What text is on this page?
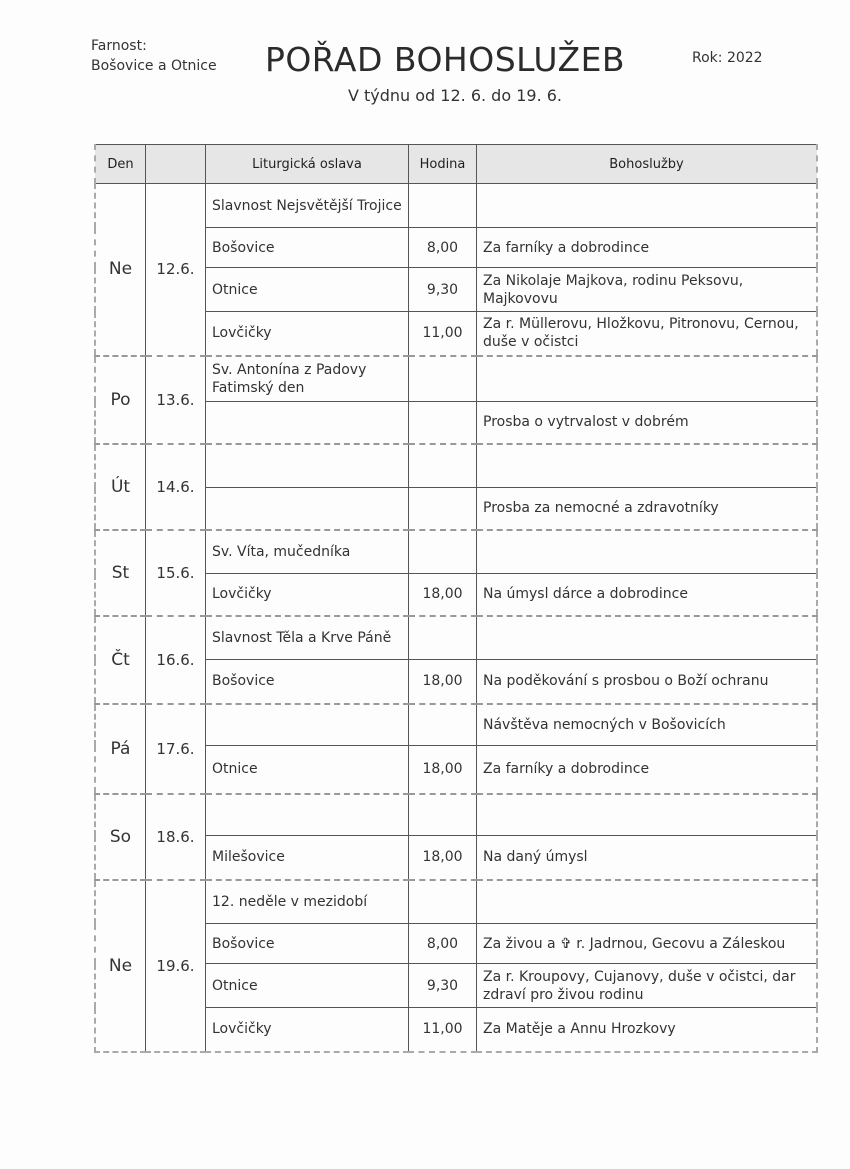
Farnost:
Bošovice a Otnice	POŘAD BOHOSLUŽEB
V týdnu od 12. 6. do 19. 6.
Rok: 2022
Den		Liturgická oslava	Hodina	Bohoslužby
Ne	12.6.	Slavnost Nejsvětější Trojice		
		Bošovice	8,00	Za farníky a dobrodince
		Otnice	9,30	Za Nikolaje Majkova, rodinu Peksovu, Majkovovu
		Lovčičky	11,00	Za r. Müllerovu, Hložkovu, Pitronovu, Cernou, duše v očistci
Po	13.6.	Sv. Antonína z Padovy Fatimský den		
				Prosba o vytrvalost v dobrém
Út	14.6.			
				Prosba za nemocné a zdravotníky
St	15.6.	Sv. Víta, mučedníka		
		Lovčičky	18,00	Na úmysl dárce a dobrodince
Čt	16.6.	Slavnost Těla a Krve Páně		
		Bošovice	18,00	Na poděkování s prosbou o Boží ochranu
Pá	17.6.			Návštěva nemocných v Bošovicích
		Otnice	18,00	Za farníky a dobrodince
So	18.6.			
		Milešovice	18,00	Na daný úmysl
Ne	19.6.	12. neděle v mezidobí		
		Bošovice	8,00	Za živou a ✞ r. Jadrnou, Gecovu a Záleskou
		Otnice	9,30	Za r. Kroupovy, Cujanovy, duše v očistci, dar zdraví pro živou rodinu
		Lovčičky	11,00	Za Matěje a Annu Hrozkovy
